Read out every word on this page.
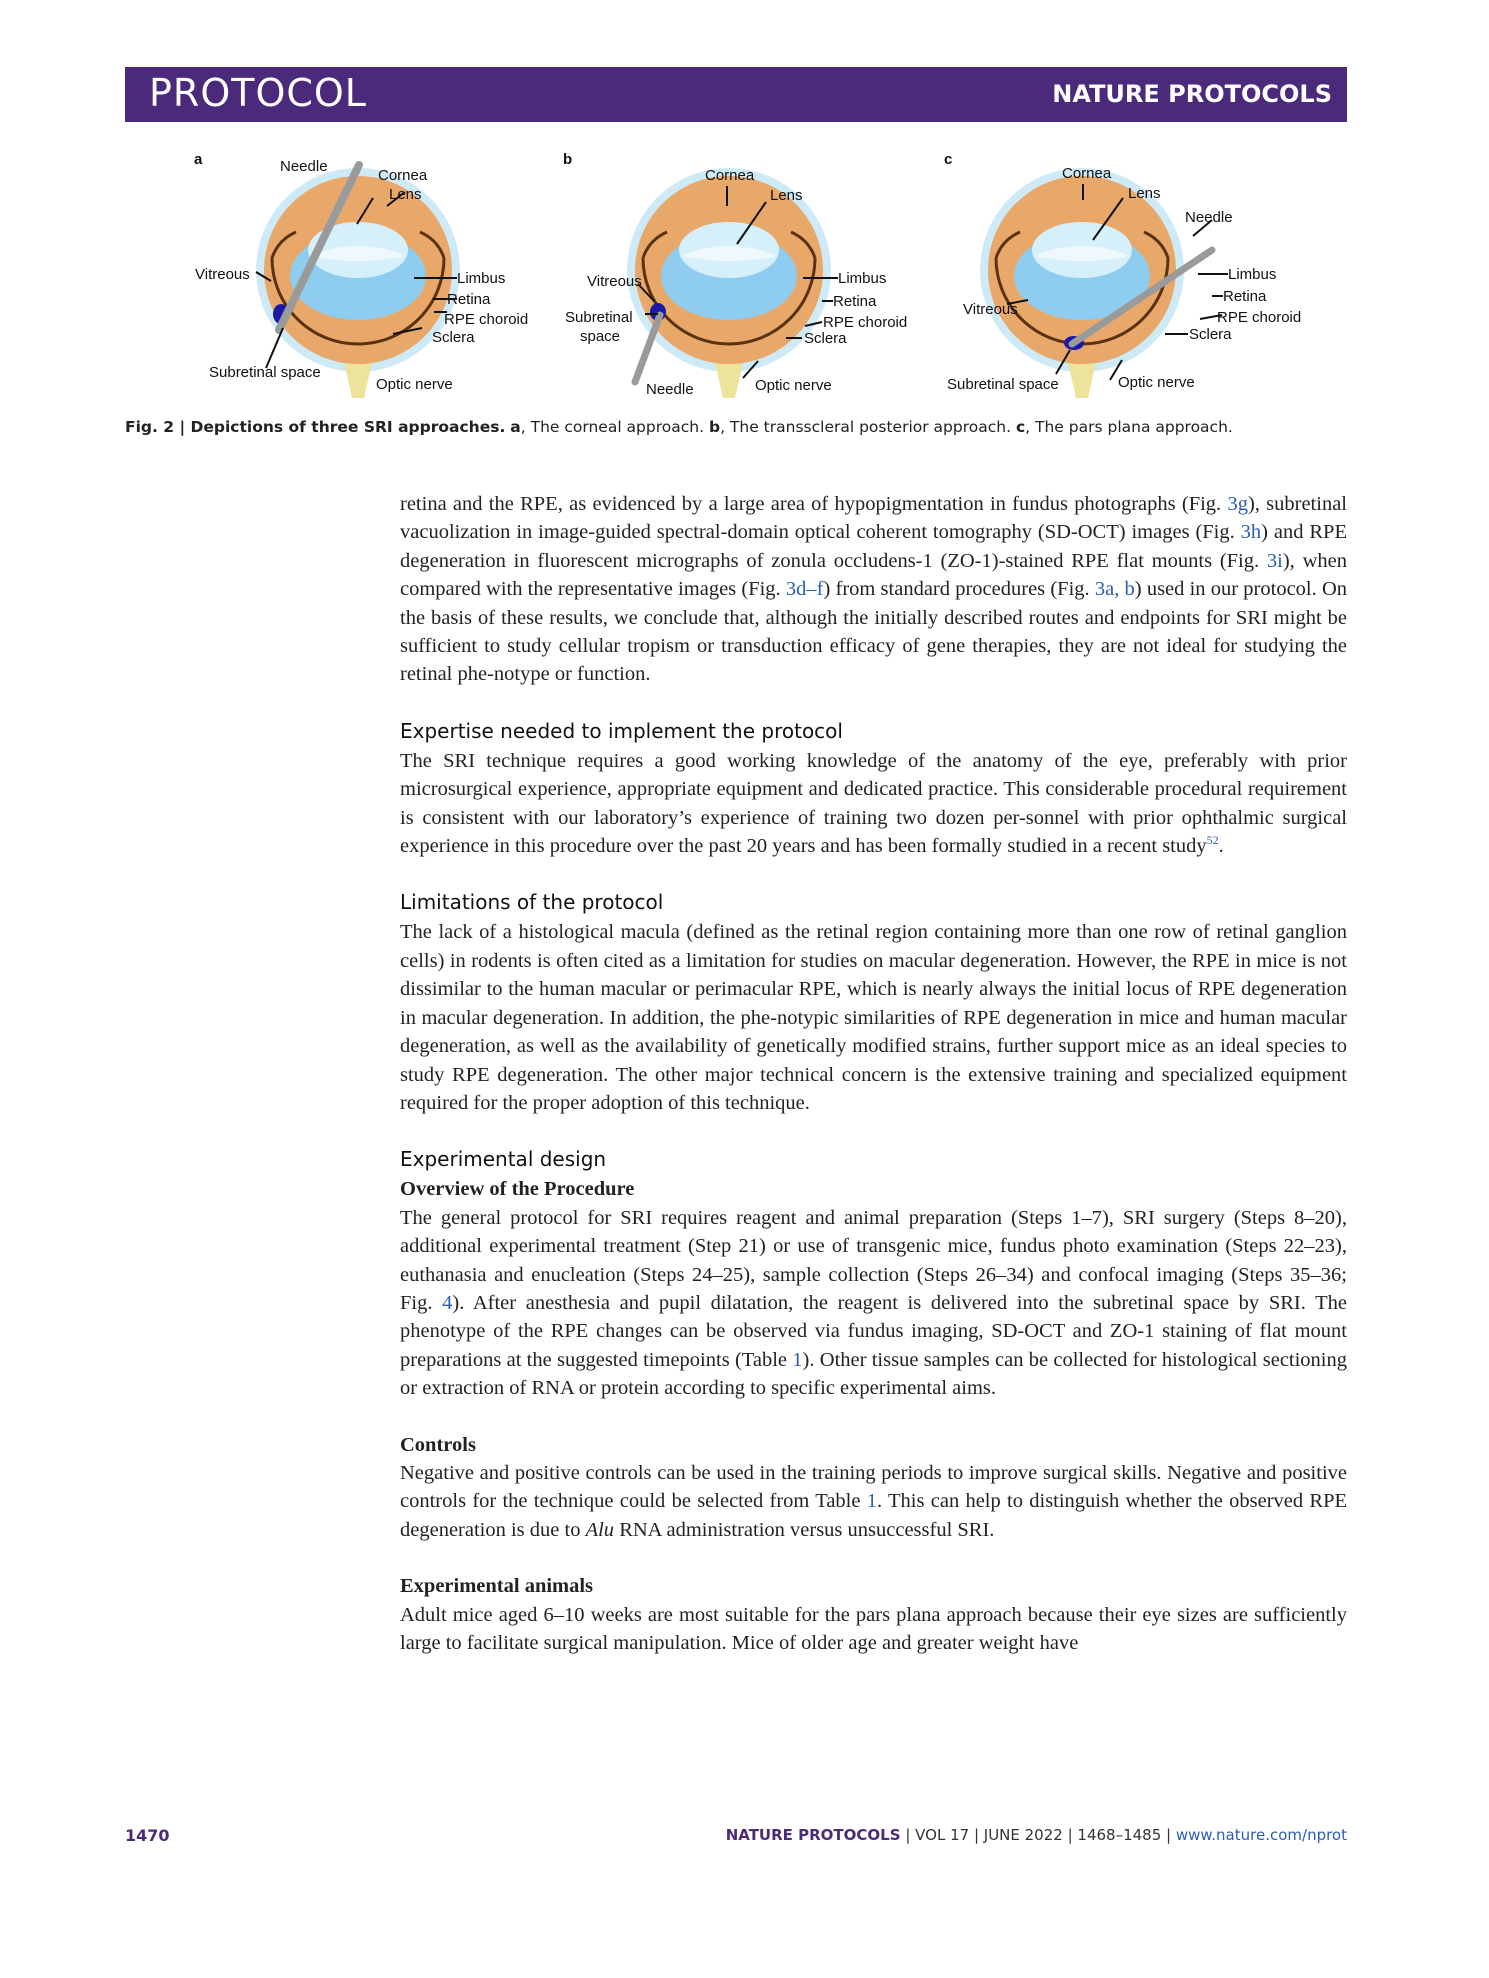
PROTOCOL	NATURE PROTOCOLS
a	Needle
Cornea
Lens
Vitreous	Limbus
Retina
RPE choroid
Sclera
Subretinal space
Optic nerve
b
Cornea
Lens
Vitreous	Limbus
Retina
RPE choroid
Sclera
Subretinal
space
Needle	Optic nerve
c
Cornea
Lens
Needle
Vitreous
Limbus
Retina
RPE choroid
Sclera
Subretinal space	Optic nerve
Fig. 2 | Depictions of three SRI approaches. a, The corneal approach. b, The transscleral posterior approach. c, The pars plana approach.

retina and the RPE, as evidenced by a large area of hypopigmentation in fundus photographs (Fig. 3g), subretinal vacuolization in image-guided spectral-domain optical coherent tomography (SD-OCT) images (Fig. 3h) and RPE degeneration in fluorescent micrographs of zonula occludens-1 (ZO-1)-stained RPE flat mounts (Fig. 3i), when compared with the representative images (Fig. 3d–f) from standard procedures (Fig. 3a, b) used in our protocol. On the basis of these results, we conclude that, although the initially described routes and endpoints for SRI might be sufficient to study cellular tropism or transduction efficacy of gene therapies, they are not ideal for studying the retinal phe-notype or function.

Expertise needed to implement the protocol

The SRI technique requires a good working knowledge of the anatomy of the eye, preferably with prior microsurgical experience, appropriate equipment and dedicated practice. This considerable procedural requirement is consistent with our laboratory’s experience of training two dozen per-sonnel with prior ophthalmic surgical experience in this procedure over the past 20 years and has been formally studied in a recent study$^{52}$.

Limitations of the protocol

The lack of a histological macula (defined as the retinal region containing more than one row of retinal ganglion cells) in rodents is often cited as a limitation for studies on macular degeneration. However, the RPE in mice is not dissimilar to the human macular or perimacular RPE, which is nearly always the initial locus of RPE degeneration in macular degeneration. In addition, the phe-notypic similarities of RPE degeneration in mice and human macular degeneration, as well as the availability of genetically modified strains, further support mice as an ideal species to study RPE degeneration. The other major technical concern is the extensive training and specialized equipment required for the proper adoption of this technique.

Experimental design

Overview of the Procedure

The general protocol for SRI requires reagent and animal preparation (Steps 1–7), SRI surgery (Steps 8–20), additional experimental treatment (Step 21) or use of transgenic mice, fundus photo examination (Steps 22–23), euthanasia and enucleation (Steps 24–25), sample collection (Steps 26–34) and confocal imaging (Steps 35–36; Fig. 4). After anesthesia and pupil dilatation, the reagent is delivered into the subretinal space by SRI. The phenotype of the RPE changes can be observed via fundus imaging, SD-OCT and ZO-1 staining of flat mount preparations at the suggested timepoints (Table 1). Other tissue samples can be collected for histological sectioning or extraction of RNA or protein according to specific experimental aims.

Controls

Negative and positive controls can be used in the training periods to improve surgical skills. Negative and positive controls for the technique could be selected from Table 1. This can help to distinguish whether the observed RPE degeneration is due to Alu RNA administration versus unsuccessful SRI.

Experimental animals

Adult mice aged 6–10 weeks are most suitable for the pars plana approach because their eye sizes are sufficiently large to facilitate surgical manipulation. Mice of older age and greater weight have

1470	NATURE PROTOCOLS | VOL 17 | JUNE 2022 | 1468–1485 | www.nature.com/nprot
